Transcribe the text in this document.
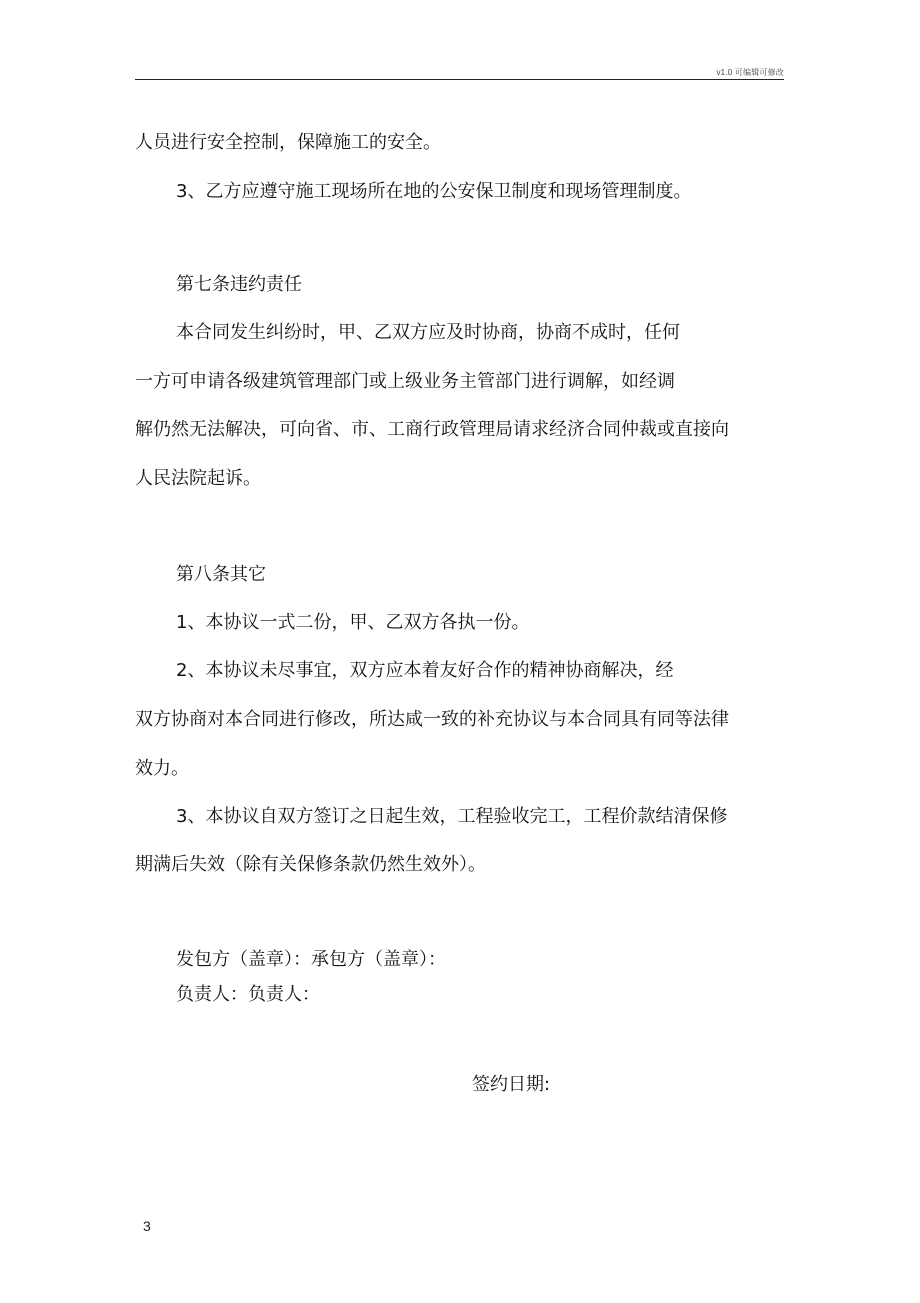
v1.0 可编辑可修改
人员进行安全控制，保障施工的安全。
3、乙方应遵守施工现场所在地的公安保卫制度和现场管理制度。
第七条违约责任
本合同发生纠纷时，甲、乙双方应及时协商，协商不成时，任何
一方可申请各级建筑管理部门或上级业务主管部门进行调解，如经调
解仍然无法解决，可向省、市、工商行政管理局请求经济合同仲裁或直接向
人民法院起诉。
第八条其它
1、本协议一式二份，甲、乙双方各执一份。
2、本协议未尽事宜，双方应本着友好合作的精神协商解决，经
双方协商对本合同进行修改，所达咸一致的补充协议与本合同具有同等法律
效力。
3、本协议自双方签订之日起生效，工程验收完工，工程价款结清保修
期满后失效（除有关保修条款仍然生效外）。
发包方（盖章）：承包方（盖章）：
负责人：负责人：
签约日期:
3
